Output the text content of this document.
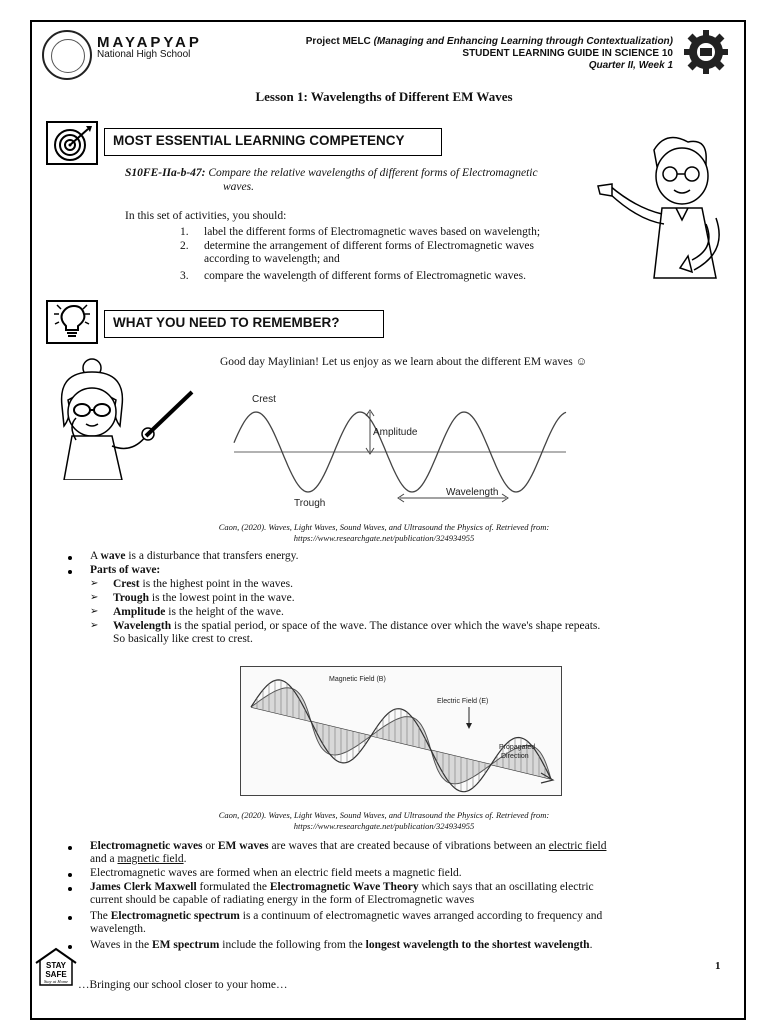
MAYAPYAP
National High School
Project MELC (Managing and Enhancing Learning through Contextualization)
STUDENT LEARNING GUIDE IN SCIENCE 10
Quarter II, Week 1
Lesson 1: Wavelengths of Different EM Waves
MOST ESSENTIAL LEARNING COMPETENCY
S10FE-IIa-b-47: Compare the relative wavelengths of different forms of Electromagnetic
waves.
In this set of activities, you should:
1. label the different forms of Electromagnetic waves based on wavelength;
2. determine the arrangement of different forms of Electromagnetic waves
according to wavelength; and
3. compare the wavelength of different forms of Electromagnetic waves.
WHAT YOU NEED TO REMEMBER?
Good day Maylinian! Let us enjoy as we learn about the different EM waves ☺
Crest
Amplitude
Trough
Wavelength
Caon, (2020). Waves, Light Waves, Sound Waves, and Ultrasound the Physics of. Retrieved from:
https://www.researchgate.net/publication/324934955
A wave is a disturbance that transfers energy.
Parts of wave:
➢ Crest is the highest point in the waves.
➢ Trough is the lowest point in the wave.
➢ Amplitude is the height of the wave.
➢ Wavelength is the spatial period, or space of the wave. The distance over which the wave's shape repeats.
So basically like crest to crest.
Magnetic Field (B)
Electric Field (E)
Propagated
Direction
Caon, (2020). Waves, Light Waves, Sound Waves, and Ultrasound the Physics of. Retrieved from:
https://www.researchgate.net/publication/324934955
Electromagnetic waves or EM waves are waves that are created because of vibrations between an electric field
and a magnetic field.
Electromagnetic waves are formed when an electric field meets a magnetic field.
James Clerk Maxwell formulated the Electromagnetic Wave Theory which says that an oscillating electric
current should be capable of radiating energy in the form of Electromagnetic waves
The Electromagnetic spectrum is a continuum of electromagnetic waves arranged according to frequency and
wavelength.
Waves in the EM spectrum include the following from the longest wavelength to the shortest wavelength.
1
STAY
SAFE
Stay at Home …Bringing our school closer to your home…
